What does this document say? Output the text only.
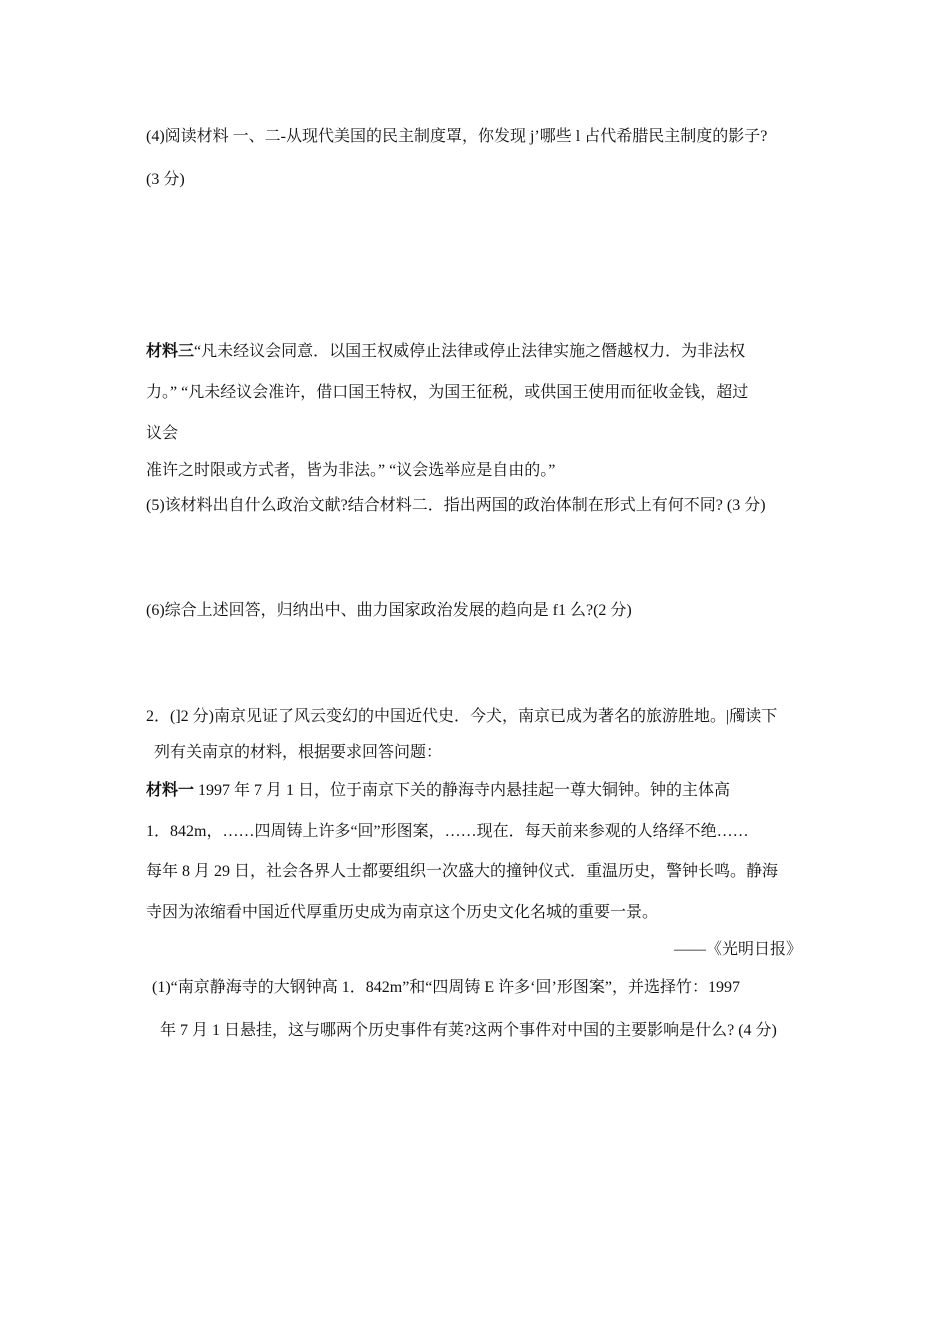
(4)阅读材料 一、二-从现代美国的民主制度罩，你发现 j’哪些 l 占代希腊民主制度的影子?
(3 分)
材料三“凡未经议会同意．以国王权威停止法律或停止法律实施之僭越权力．为非法权
力。” “凡未经议会准许，借口国王特权，为国王征税，或供国王使用而征收金钱，超过
议会
准许之时限或方式者，皆为非法。” “议会选举应是自由的。”
(5)该材料出自什么政治文献?结合材料二．指出两国的政治体制在形式上有何不同? (3 分)
(6)综合上述回答，归纳出中、曲力国家政治发展的趋向是 f1 么?(2 分)
2．(]2 分)南京见证了风云变幻的中国近代史．今犬，南京已成为著名的旅游胜地。|斶读下
列有关南京的材料，根据要求回答问题：
材料一 1997 年 7 月 1 日，位于南京下关的静海寺内悬挂起一尊大铜钟。钟的主体高
1．842m，……四周铸上许多“回”形图案，……现在．每天前来参观的人络绎不绝……
每年 8 月 29 日，社会各界人士都要组织一次盛大的撞钟仪式．重温历史，警钟长鸣。静海
寺因为浓缩看中国近代厚重历史成为南京这个历史文化名城的重要一景。
——《光明日报》
(1)“南京静海寺的大钢钟高 1．842m”和“四周铸 E 许多‘回’形图案”，并选择竹：1997
年 7 月 1 日悬挂，这与哪两个历史事件有荚?这两个事件对中国的主要影响是什么? (4 分)
